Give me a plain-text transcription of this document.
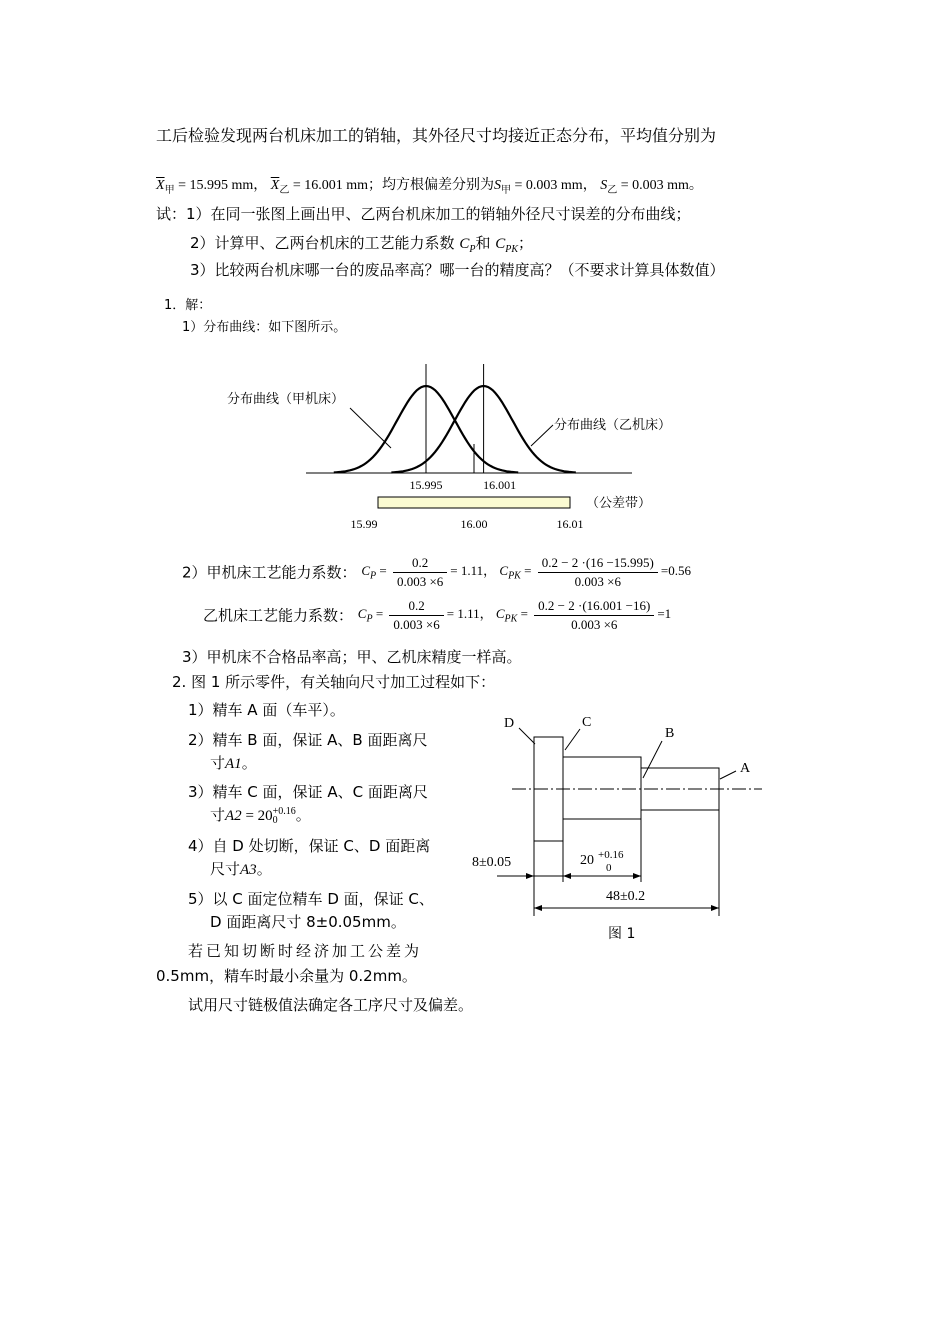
工后检验发现两台机床加工的销轴，其外径尺寸均接近正态分布，平均值分别为
$\overline{X}_甲 = 15.995$ mm， $\overline{X}_乙 = 16.001$ mm；均方根偏差分别为$S_甲 = 0.003$ mm， $S_乙 = 0.003$ mm。
试：1）在同一张图上画出甲、乙两台机床加工的销轴外径尺寸误差的分布曲线；
2）计算甲、乙两台机床的工艺能力系数 $C_P$和 $C_{PK}$；
3）比较两台机床哪一台的废品率高？哪一台的精度高？（不要求计算具体数值）
1．解：
1）分布曲线：如下图所示。
分布曲线（甲机床）
分布曲线（乙机床）
15.995	16.001
（公差带）
15.99	16.00	16.01
2）甲机床工艺能力系数： $C_P = \frac{0.2}{0.003 \times 6} = 1.11$， $C_{PK} = \frac{0.2 - 2 \cdot(16 -15.995)}{0.003 \times 6} =0.56$
乙机床工艺能力系数： $C_P = \frac{0.2}{0.003 \times 6} = 1.11$， $C_{PK} = \frac{0.2 - 2 \cdot(16.001 -16)}{0.003 \times 6} =1$
3）甲机床不合格品率高；甲、乙机床精度一样高。
2. 图 1 所示零件，有关轴向尺寸加工过程如下：
1）精车 A 面（车平）。
2）精车 B 面，保证 A、B 面距离尺
寸A1。
3）精车 C 面，保证 A、C 面距离尺
寸A2 = 20 +0.16
0	。
4）自 D 处切断，保证 C、D 面距离
尺寸A3。
5）以 C 面定位精车 D 面，保证 C、
D 面距离尺寸 8±0.05mm。
若已知切断时经济加工公差为
0.5mm，精车时最小余量为 0.2mm。
试用尺寸链极值法确定各工序尺寸及偏差。
D	C
B
A
8±0.05	20 +0.16
0
48±0.2
图 1
